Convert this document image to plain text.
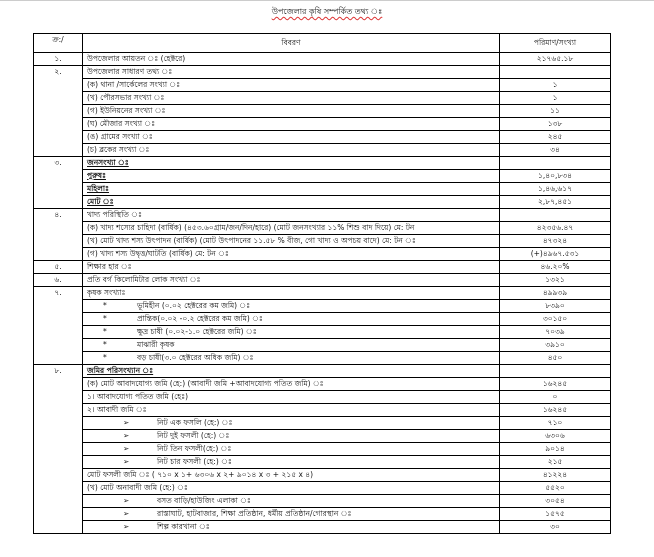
উপজেলার কৃষি সম্পর্কিত তথ্য ঃ
ক্র:/	বিবরণ	পরিমাণ/সংখ্যা
১.	উপজেলার আয়তন ঃ (হেক্টরে)	২১৭৬৫.১৮
২.	উপজেলার সাধারণ তথ্য ঃ	
	(ক) থানা /সার্কেলের সংখ্যা ঃ	১
	(খ) পৌরসভার সংখ্যা ঃ	১
	(গ) ইউনিয়নের সংখ্যা ঃ	১১
	(ঘ) মৌজার সংখ্যা ঃ	১৩৮
	(ঙ) গ্রামের সংখ্যা ঃ	২৪৫
	(চ) ব্লকের সংখ্যা ঃ	৩৪
৩.	জনসংখ্যা ঃ	
	পুরুষঃ	১,৪০,৮৩৪
	মহিলাঃ	১,৪৬,৬১৭
	মোট ঃ	২,৮৭,৪৫১
৪.	খাদ্য পরিস্থিতি ঃ	
	(ক) খাদ্য শস্যের চাহিদা (বার্ষিক) (৪৫৩.৬০গ্রাম/জন/দিন/হারে) (মোট জনসংখ্যার ১১% শিশু বাদ দিয়ে) মে: টন	৪২৩৫৬.৪৭
	(খ) মোট খাদ্য শস্য উৎপাদন (বার্ষিক) (মোট উৎপাদনের ১১.৫৮ % বীজ, গো খাদ্য ও অপচয় বাদে) মে: টন ঃ	৪৭৩২৪
	(গ) খাদ্য শস্য উদ্বৃত্ত/ঘাটতি (বার্ষিক) মে: টন ঃ	(+)৪৯৬৭.৫৩১
৫.	শিক্ষার হার ঃ	৪৬.২০%
৬.	প্রতি বর্গ কিলোমিটার লোক সংখ্যা ঃ	১৩২১
৭.	কৃষক সংখ্যাঃ	৪৯৯৩৯
	* ভূমিহীন (০.০২ হেক্টরের কম জমি) ঃ	৮৩৯০
	* প্রান্তিক(০.০২ -০.২ হেক্টরের কম জমি) ঃ	৩০১৫০
	* ক্ষুদ্র চাষী (০.০২-১.০ হেক্টরের জমি) ঃ	৭০৩৯
	* মাঝারী কৃষক	৩৯১০
	* বড় চাষী(৩.০ হেক্টরের অধিক জমি) ঃ	৪৫০
৮.	জমির পরিসংখ্যান ঃ	
	(ক) মোট আবাদযোগ্য জমি (হে:) (আবাদী জমি +আবাদযোগ্য পতিত জমি) ঃ	১৬২৪৫
	১। আবাদযোগ্য পতিত জমি (হেঃ)	০
	২। আবাদী জমি ঃ	১৬২৪৫
	➢ নিট এক ফসলি (হে:) ঃ	৭১০
	➢ নিট দুই ফসলী (হে:) ঃ	৬৩০৬
	➢ নিট তিন ফসলী(হে:) ঃ	৯০১৪
	➢ নিট চার ফসলী (হে:) ঃ	২১৫
	মোট ফসলী জমি ঃ ( ৭১০ x ১+ ৬৩০৬ x ২+ ৯০১৪ x ৩ + ২১৫ x ৪)	৪১২২৪
	(খ) মোট অনাবাদী জমি (হে:) ঃ	৫৫২০
	➢ বসত বাড়ি/হাউজিং এলাকা ঃ	৩০৫৪
	➢ রাস্তাঘাট, হাটবাজার, শিক্ষা প্রতিষ্ঠান, ধর্মীয় প্রতিষ্ঠান/গোরস্থান ঃ	১৫৭৫
	➢ শিল্প কারখানা ঃ	৩০
